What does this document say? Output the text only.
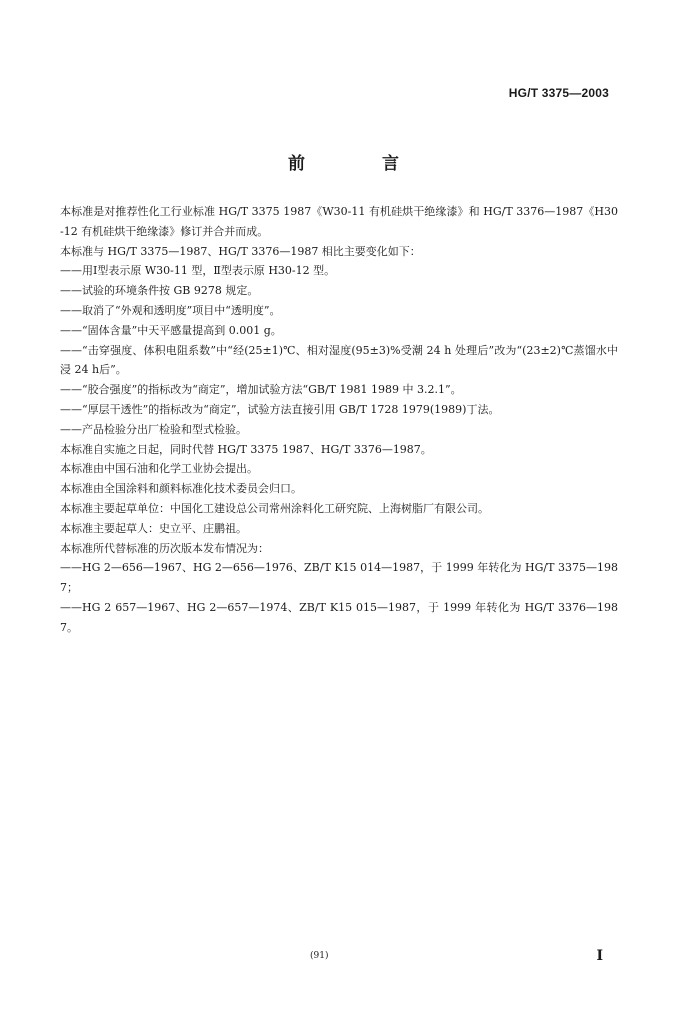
HG/T 3375—2003
前　言

本标准是对推荐性化工行业标准 HG/T 3375 1987《W30-11 有机硅烘干绝缘漆》和 HG/T 3376—1987《H30-12 有机硅烘干绝缘漆》修订并合并而成。

本标准与 HG/T 3375—1987、HG/T 3376—1987 相比主要变化如下：

——用Ⅰ型表示原 W30-11 型，Ⅱ型表示原 H30-12 型。

——试验的环境条件按 GB 9278 规定。

——取消了“外观和透明度”项目中“透明度”。

——“固体含量”中天平感量提高到 0.001 g。

——“击穿强度、体积电阻系数”中“经(25±1)℃、相对湿度(95±3)%受潮 24 h 处理后”改为“(23±2)℃蒸馏水中浸 24 h后”。

——“胶合强度”的指标改为“商定”，增加试验方法“GB/T 1981 1989 中 3.2.1”。

——“厚层干透性”的指标改为“商定”，试验方法直接引用 GB/T 1728 1979(1989)丁法。

——产品检验分出厂检验和型式检验。

本标准自实施之日起，同时代替 HG/T 3375 1987、HG/T 3376—1987。

本标准由中国石油和化学工业协会提出。

本标准由全国涂料和颜料标准化技术委员会归口。

本标准主要起草单位：中国化工建设总公司常州涂料化工研究院、上海树脂厂有限公司。

本标准主要起草人：史立平、庄鹏祖。

本标准所代替标准的历次版本发布情况为：

——HG 2—656—1967、HG 2—656—1976、ZB/T K15 014—1987，于 1999 年转化为 HG/T 3375—1987；

——HG 2 657—1967、HG 2—657—1974、ZB/T K15 015—1987，于 1999 年转化为 HG/T 3376—1987。

(91)	I
